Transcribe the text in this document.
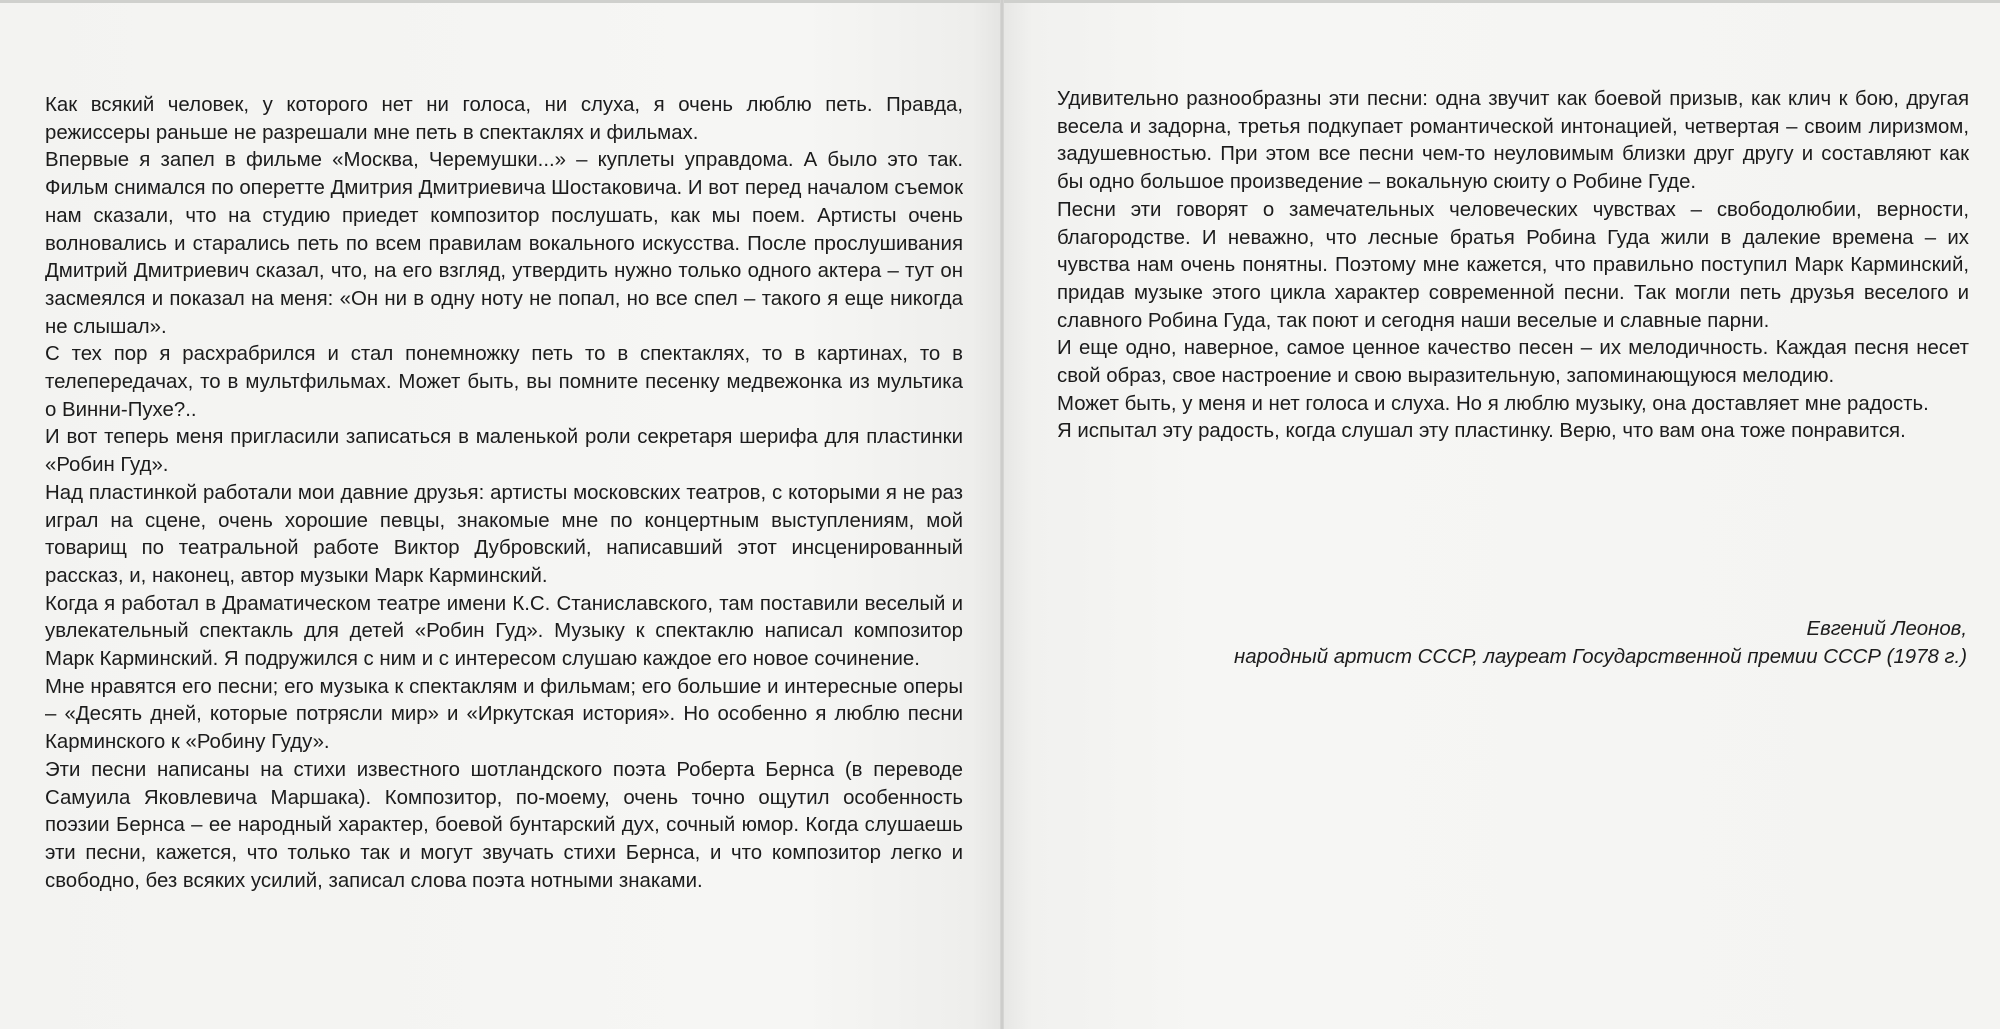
Как всякий человек, у которого нет ни голоса, ни слуха, я очень люблю петь. Правда, режиссеры раньше не разрешали мне петь в спектаклях и фильмах.

Впервые я запел в фильме «Москва, Черемушки...» – куплеты управдома. А было это так. Фильм снимался по оперетте Дмитрия Дмитриевича Шостаковича. И вот перед началом съемок нам сказали, что на студию приедет композитор послушать, как мы поем. Артисты очень волновались и старались петь по всем правилам вокального искусства. После прослушивания Дмитрий Дмитриевич сказал, что, на его взгляд, утвердить нужно только одного актера – тут он засмеялся и показал на меня: «Он ни в одну ноту не попал, но все спел – такого я еще никогда не слышал».

С тех пор я расхрабрился и стал понемножку петь то в спектаклях, то в картинах, то в телепередачах, то в мультфильмах. Может быть, вы помните песенку медвежонка из мультика о Винни-Пухе?..

И вот теперь меня пригласили записаться в маленькой роли секретаря шерифа для пластинки «Робин Гуд».

Над пластинкой работали мои давние друзья: артисты московских театров, с которыми я не раз играл на сцене, очень хорошие певцы, знакомые мне по концертным выступлениям, мой товарищ по театральной работе Виктор Дубровский, написавший этот инсценированный рассказ, и, наконец, автор музыки Марк Карминский.

Когда я работал в Драматическом театре имени К.С. Станиславского, там поставили веселый и увлекательный спектакль для детей «Робин Гуд». Музыку к спектаклю написал композитор Марк Карминский. Я подружился с ним и с интересом слушаю каждое его новое сочинение.

Мне нравятся его песни; его музыка к спектаклям и фильмам; его большие и интересные оперы – «Десять дней, которые потрясли мир» и «Иркутская история». Но особенно я люблю песни Карминского к «Робину Гуду».

Эти песни написаны на стихи известного шотландского поэта Роберта Бернса (в переводе Самуила Яковлевича Маршака). Композитор, по-моему, очень точно ощутил особенность поэзии Бернса – ее народный характер, боевой бунтарский дух, сочный юмор. Когда слушаешь эти песни, кажется, что только так и могут звучать стихи Бернса, и что композитор легко и свободно, без всяких усилий, записал слова поэта нотными знаками.

Удивительно разнообразны эти песни: одна звучит как боевой призыв, как клич к бою, другая весела и задорна, третья подкупает романтической интонацией, четвертая – своим лиризмом, задушевностью. При этом все песни чем-то неуловимым близки друг другу и составляют как бы одно большое произведение – вокальную сюиту о Робине Гуде.

Песни эти говорят о замечательных человеческих чувствах – свободолюбии, верности, благородстве. И неважно, что лесные братья Робина Гуда жили в далекие времена – их чувства нам очень понятны. Поэтому мне кажется, что правильно поступил Марк Карминский, придав музыке этого цикла характер современной песни. Так могли петь друзья веселого и славного Робина Гуда, так поют и сегодня наши веселые и славные парни.

И еще одно, наверное, самое ценное качество песен – их мелодичность. Каждая песня несет свой образ, свое настроение и свою выразительную, запоминающуюся мелодию.

Может быть, у меня и нет голоса и слуха. Но я люблю музыку, она доставляет мне радость.

Я испытал эту радость, когда слушал эту пластинку. Верю, что вам она тоже понравится.

Евгений Леонов,
народный артист СССР, лауреат Государственной премии СССР (1978 г.)
